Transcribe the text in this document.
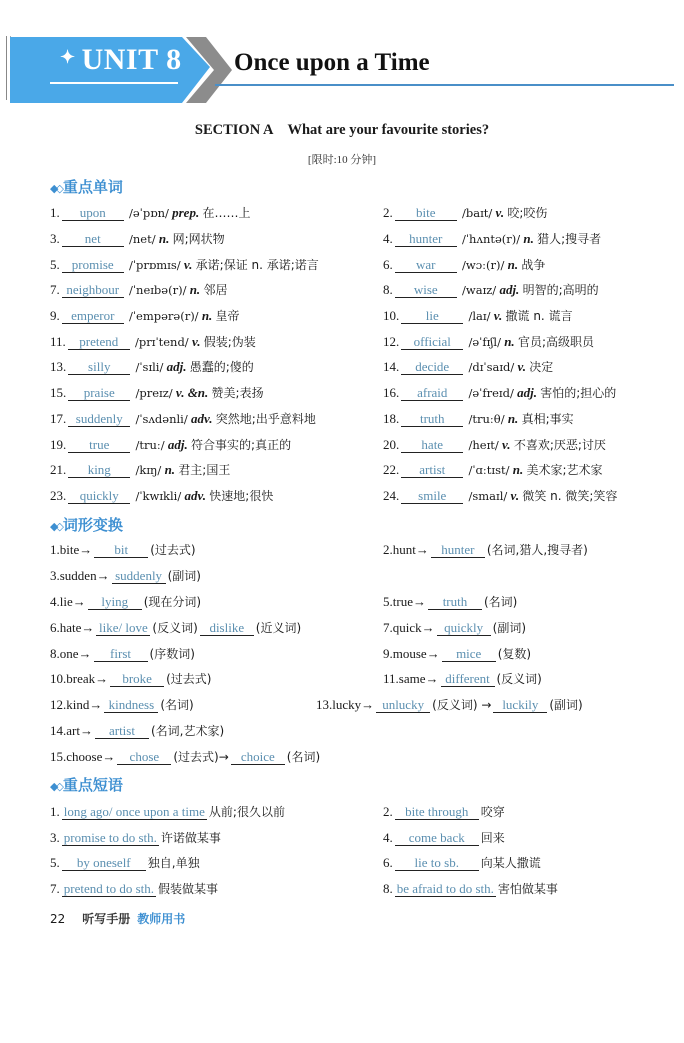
✦ UNIT 8 Once upon a Time
SECTION A What are your favourite stories?
[限时:10 分钟]
◆◇ 重点单词
1. upon /əˈpɒn/ prep. 在……上	2. bite /baɪt/ v. 咬;咬伤
3. net /net/ n. 网;网状物	4. hunter /ˈhʌntə(r)/ n. 猎人;搜寻者
5. promise /ˈprɒmɪs/ v. 承诺;保证 n. 承诺;诺言	6. war /wɔː(r)/ n. 战争
7. neighbour /ˈneɪbə(r)/ n. 邻居	8. wise /waɪz/ adj. 明智的;高明的
9. emperor /ˈempərə(r)/ n. 皇帝	10. lie	/laɪ/ v. 撒谎 n. 谎言
11. pretend /prɪˈtend/ v. 假装;伪装	12. official /əˈfɪʃl/ n. 官员;高级职员
13. silly /ˈsɪli/ adj. 愚蠢的;傻的	14. decide /dɪˈsaɪd/ v. 决定
15. praise /preɪz/ v. &n. 赞美;表扬	16. afraid /əˈfreɪd/ adj. 害怕的;担心的
17. suddenly /ˈsʌdənli/ adv. 突然地;出乎意料地	18. truth /truːθ/ n. 真相;事实
19. true /truː/ adj. 符合事实的;真正的	20. hate /heɪt/ v. 不喜欢;厌恶;讨厌
21. king /kɪŋ/ n. 君主;国王	22. artist /ˈɑːtɪst/ n. 美术家;艺术家
23. quickly /ˈkwɪkli/ adv. 快速地;很快	24. smile /smaɪl/ v. 微笑 n. 微笑;笑容
◆◇ 词形变换
1.bite→ bit (过去式)	2.hunt→ hunter (名词,猎人,搜寻者)
3.sudden→ suddenly (副词)
4.lie→ lying (现在分词)	5.true→ truth (名词)
6.hate→ like/ love (反义词) dislike (近义词)	7.quick→ quickly (副词)
8.one→ first (序数词)	9.mouse→ mice (复数)
10.break→ broke (过去式)	11.same→ different (反义词)
12.kind→ kindness (名词)	13.lucky→ unlucky (反义词) → luckily (副词)
14.art→ artist (名词,艺术家)
15.choose→ chose (过去式)→ choice (名词)
◆◇ 重点短语
1. long ago/ once upon a time 从前;很久以前	2. bite through 咬穿
3. promise to do sth. 许诺做某事	4. come back 回来
5. by oneself 独自,单独	6. lie to sb. 向某人撒谎
7. pretend to do sth. 假装做某事	8. be afraid to do sth. 害怕做某事
22 听写手册 教师用书
